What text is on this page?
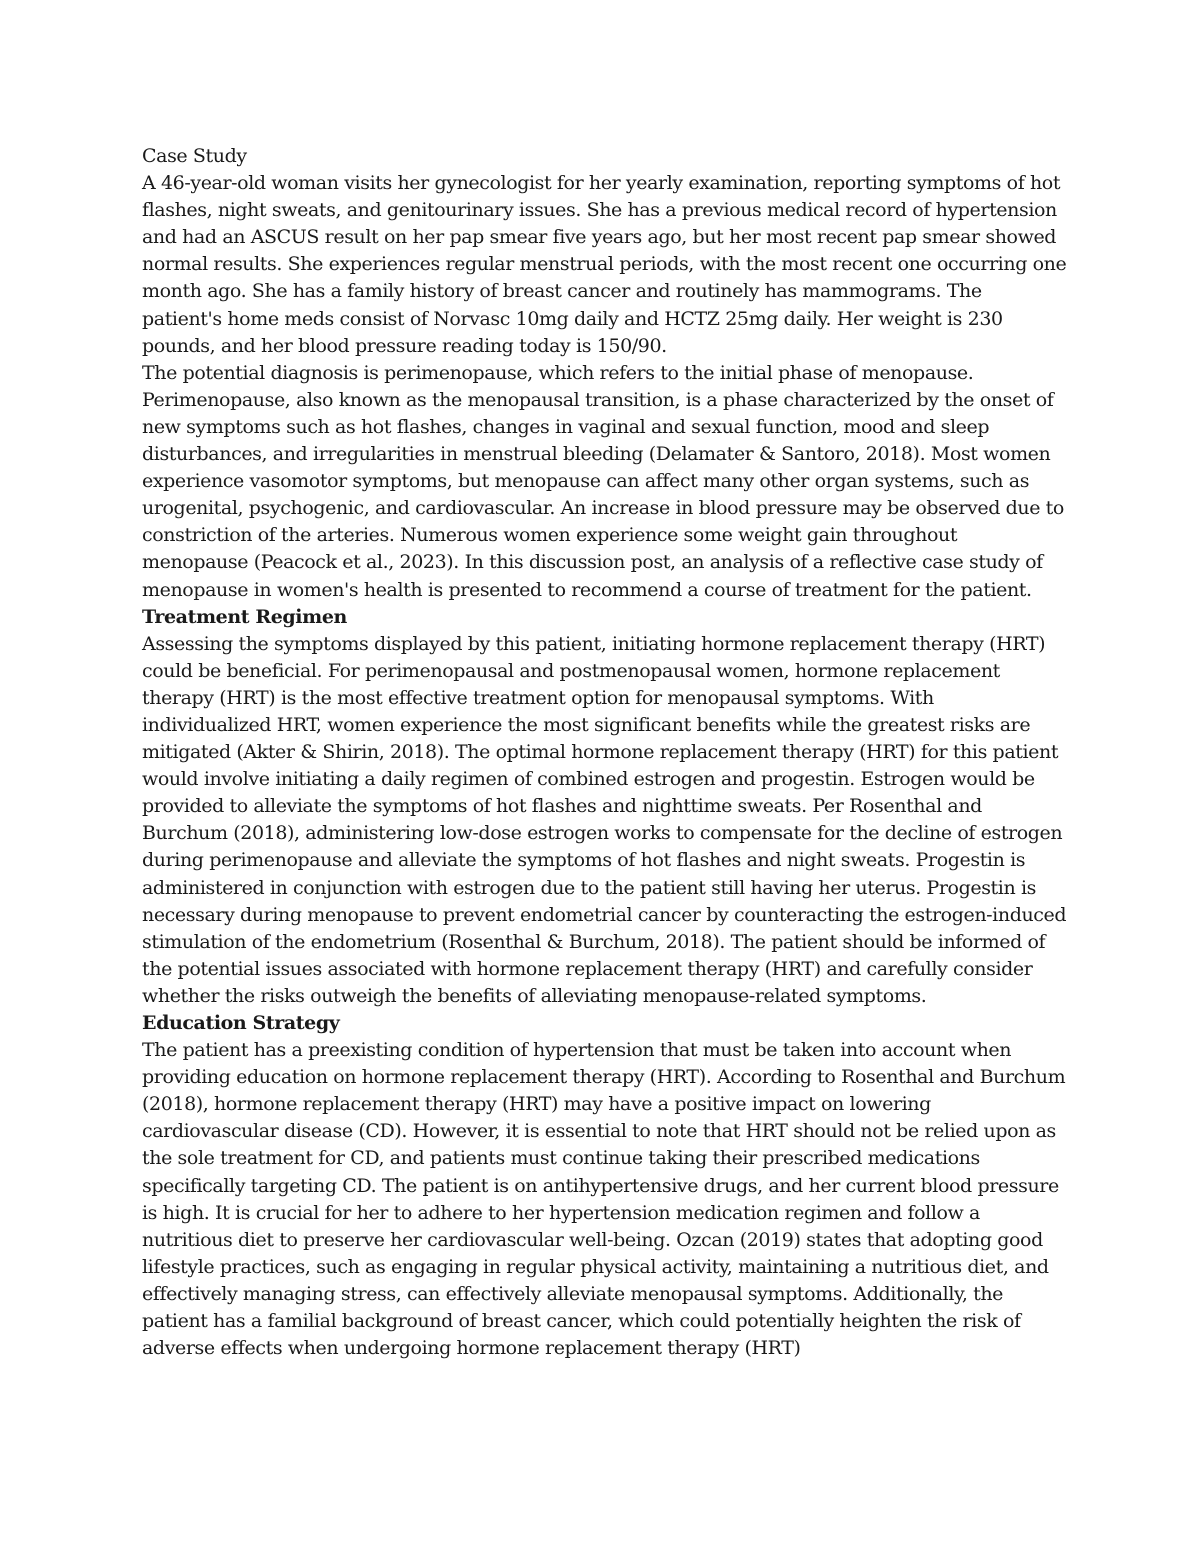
Case Study

A 46-year-old woman visits her gynecologist for her yearly examination, reporting symptoms of hot flashes, night sweats, and genitourinary issues. She has a previous medical record of hypertension and had an ASCUS result on her pap smear five years ago, but her most recent pap smear showed normal results. She experiences regular menstrual periods, with the most recent one occurring one month ago. She has a family history of breast cancer and routinely has mammograms. The patient's home meds consist of Norvasc 10mg daily and HCTZ 25mg daily. Her weight is 230 pounds, and her blood pressure reading today is 150/90.

The potential diagnosis is perimenopause, which refers to the initial phase of menopause. Perimenopause, also known as the menopausal transition, is a phase characterized by the onset of new symptoms such as hot flashes, changes in vaginal and sexual function, mood and sleep disturbances, and irregularities in menstrual bleeding (Delamater & Santoro, 2018). Most women experience vasomotor symptoms, but menopause can affect many other organ systems, such as urogenital, psychogenic, and cardiovascular. An increase in blood pressure may be observed due to constriction of the arteries. Numerous women experience some weight gain throughout menopause (Peacock et al., 2023). In this discussion post, an analysis of a reflective case study of menopause in women's health is presented to recommend a course of treatment for the patient.

Treatment Regimen

Assessing the symptoms displayed by this patient, initiating hormone replacement therapy (HRT) could be beneficial. For perimenopausal and postmenopausal women, hormone replacement therapy (HRT) is the most effective treatment option for menopausal symptoms. With individualized HRT, women experience the most significant benefits while the greatest risks are mitigated (Akter & Shirin, 2018). The optimal hormone replacement therapy (HRT) for this patient would involve initiating a daily regimen of combined estrogen and progestin. Estrogen would be provided to alleviate the symptoms of hot flashes and nighttime sweats. Per Rosenthal and Burchum (2018), administering low-dose estrogen works to compensate for the decline of estrogen during perimenopause and alleviate the symptoms of hot flashes and night sweats. Progestin is administered in conjunction with estrogen due to the patient still having her uterus. Progestin is necessary during menopause to prevent endometrial cancer by counteracting the estrogen-induced stimulation of the endometrium (Rosenthal & Burchum, 2018). The patient should be informed of the potential issues associated with hormone replacement therapy (HRT) and carefully consider whether the risks outweigh the benefits of alleviating menopause-related symptoms.

Education Strategy

The patient has a preexisting condition of hypertension that must be taken into account when providing education on hormone replacement therapy (HRT). According to Rosenthal and Burchum (2018), hormone replacement therapy (HRT) may have a positive impact on lowering cardiovascular disease (CD). However, it is essential to note that HRT should not be relied upon as the sole treatment for CD, and patients must continue taking their prescribed medications specifically targeting CD. The patient is on antihypertensive drugs, and her current blood pressure is high. It is crucial for her to adhere to her hypertension medication regimen and follow a nutritious diet to preserve her cardiovascular well-being. Ozcan (2019) states that adopting good lifestyle practices, such as engaging in regular physical activity, maintaining a nutritious diet, and effectively managing stress, can effectively alleviate menopausal symptoms. Additionally, the patient has a familial background of breast cancer, which could potentially heighten the risk of adverse effects when undergoing hormone replacement therapy (HRT)
